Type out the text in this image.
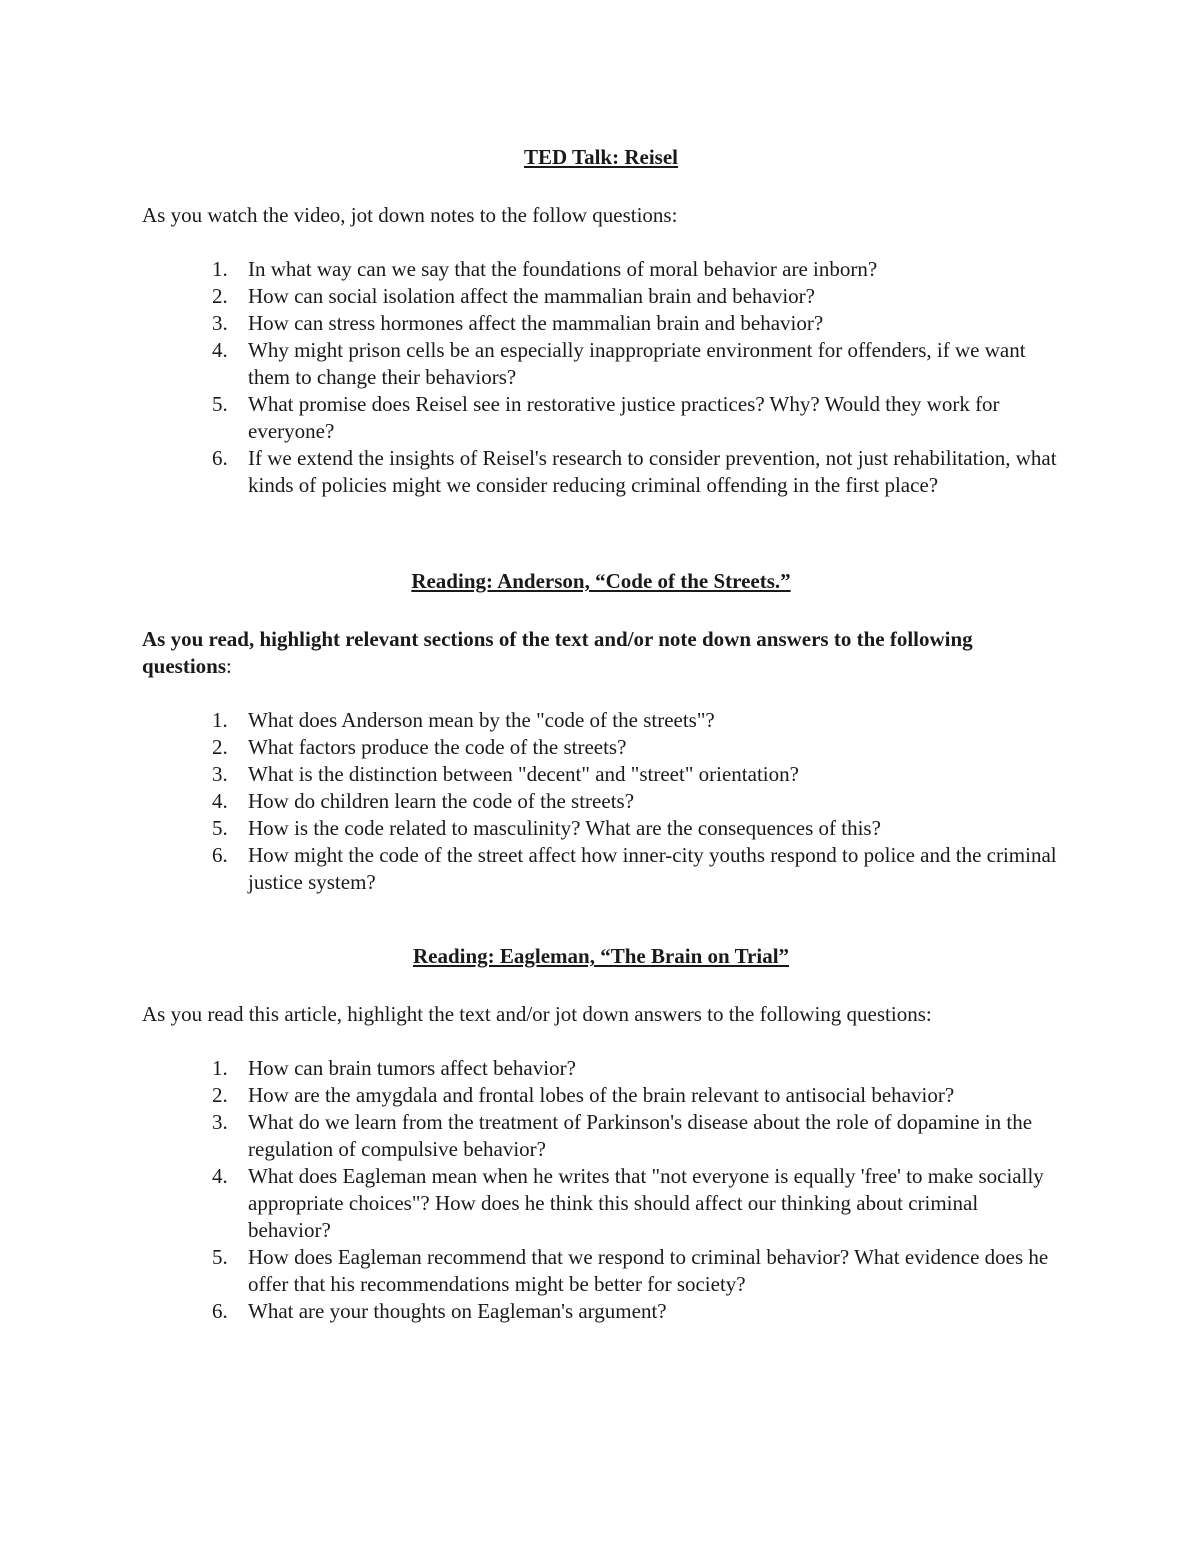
TED Talk: Reisel

As you watch the video, jot down notes to the follow questions:

1. In what way can we say that the foundations of moral behavior are inborn?
2. How can social isolation affect the mammalian brain and behavior?
3. How can stress hormones affect the mammalian brain and behavior?
4. Why might prison cells be an especially inappropriate environment for offenders, if we want them to change their behaviors?
5. What promise does Reisel see in restorative justice practices? Why? Would they work for everyone?
6. If we extend the insights of Reisel's research to consider prevention, not just rehabilitation, what kinds of policies might we consider reducing criminal offending in the first place?
Reading: Anderson, “Code of the Streets.”

As you read, highlight relevant sections of the text and/or note down answers to the following questions:

1. What does Anderson mean by the "code of the streets"?
2. What factors produce the code of the streets?
3. What is the distinction between "decent" and "street" orientation?
4. How do children learn the code of the streets?
5. How is the code related to masculinity? What are the consequences of this?
6. How might the code of the street affect how inner-city youths respond to police and the criminal justice system?
Reading: Eagleman, “The Brain on Trial”

As you read this article, highlight the text and/or jot down answers to the following questions:

1. How can brain tumors affect behavior?
2. How are the amygdala and frontal lobes of the brain relevant to antisocial behavior?
3. What do we learn from the treatment of Parkinson's disease about the role of dopamine in the regulation of compulsive behavior?
4. What does Eagleman mean when he writes that "not everyone is equally 'free' to make socially appropriate choices"? How does he think this should affect our thinking about criminal behavior?
5. How does Eagleman recommend that we respond to criminal behavior? What evidence does he offer that his recommendations might be better for society?
6. What are your thoughts on Eagleman's argument?
